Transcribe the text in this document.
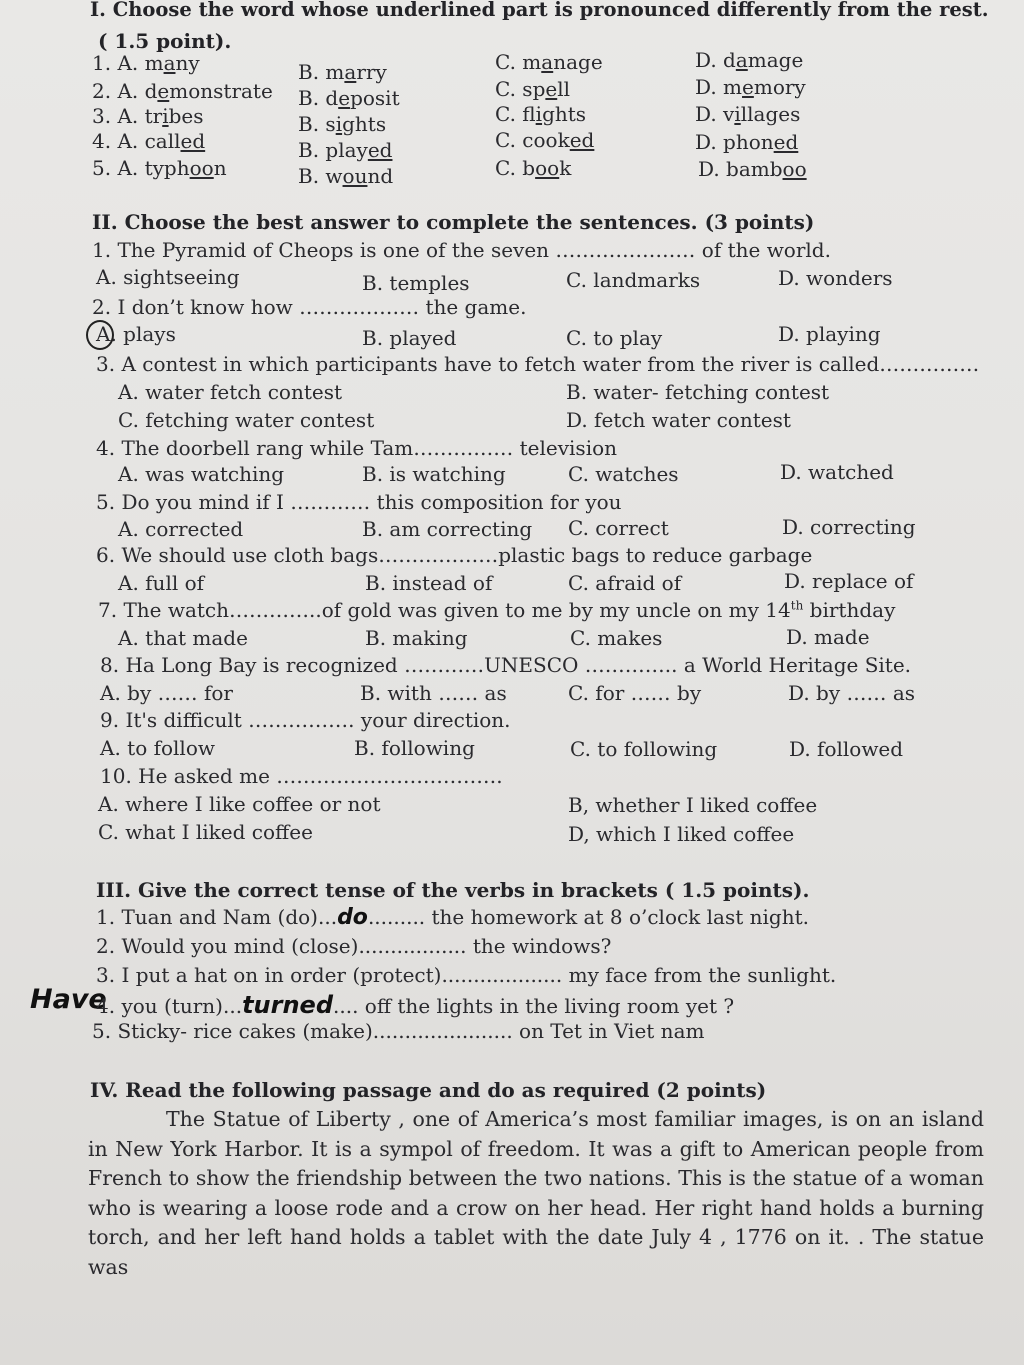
I. Choose the word whose underlined part is pronounced differently from the rest.
( 1.5 point).
1. A. many	B. marry	C. manage	D. damage
2. A. demonstrate B. deposit	C. spell	D. memory
3. A. tribes	B. sights	C. flights	D. villages
4. A. called	B. played	C. cooked	D. phoned
5. A. typhoon	B. wound	C. book	D. bamboo
II. Choose the best answer to complete the sentences. (3 points)
1. The Pyramid of Cheops is one of the seven ………………… of the world.
A. sightseeing	B. temples	C. landmarks	D. wonders
2. I don’t know how ……………… the game.
A. plays	B. played	C. to play	D. playing
3. A contest in which participants have to fetch water from the river is called……………
A. water fetch contest	B. water- fetching contest
C. fetching water contest	D. fetch water contest
4. The doorbell rang while Tam…………… television
A. was watching	B. is watching	C. watches	D. watched
5. Do you mind if I ………… this composition for you
A. corrected	B. am correcting C. correct	D. correcting
6. We should use cloth bags………………plastic bags to reduce garbage
A. full of	B. instead of	C. afraid of	D. replace of
7. The watch…………..of gold was given to me by my uncle on my 14th birthday
A. that made	B. making	C. makes	D. made
8. Ha Long Bay is recognized …………UNESCO ………….. a World Heritage Site.
A. by …… for	B. with …… as	C. for …… by	D. by …… as
9. It's difficult ……………. your direction.
A. to follow	B. following	C. to following	D. followed
10. He asked me …………………………….
A. where I like coffee or not	B, whether I liked coffee
C. what I liked coffee	D, which I liked coffee
III. Give the correct tense of the verbs in brackets ( 1.5 points).
1. Tuan and Nam (do)...do......... the homework at 8 o’clock last night.
2. Would you mind (close)................. the windows?
3. I put a hat on in order (protect)................... my face from the sunlight.
Have
4. you (turn)...turned.... off the lights in the living room yet ?
5. Sticky- rice cakes (make)...................... on Tet in Viet nam
IV. Read the following passage and do as required (2 points)

The Statue of Liberty , one of America’s most familiar images, is on an island in New York Harbor. It is a sympol of freedom. It was a gift to American people from French to show the friendship between the two nations. This is the statue of a woman who is wearing a loose rode and a crow on her head. Her right hand holds a burning torch, and her left hand holds a tablet with the date July 4 , 1776 on it. . The statue was
